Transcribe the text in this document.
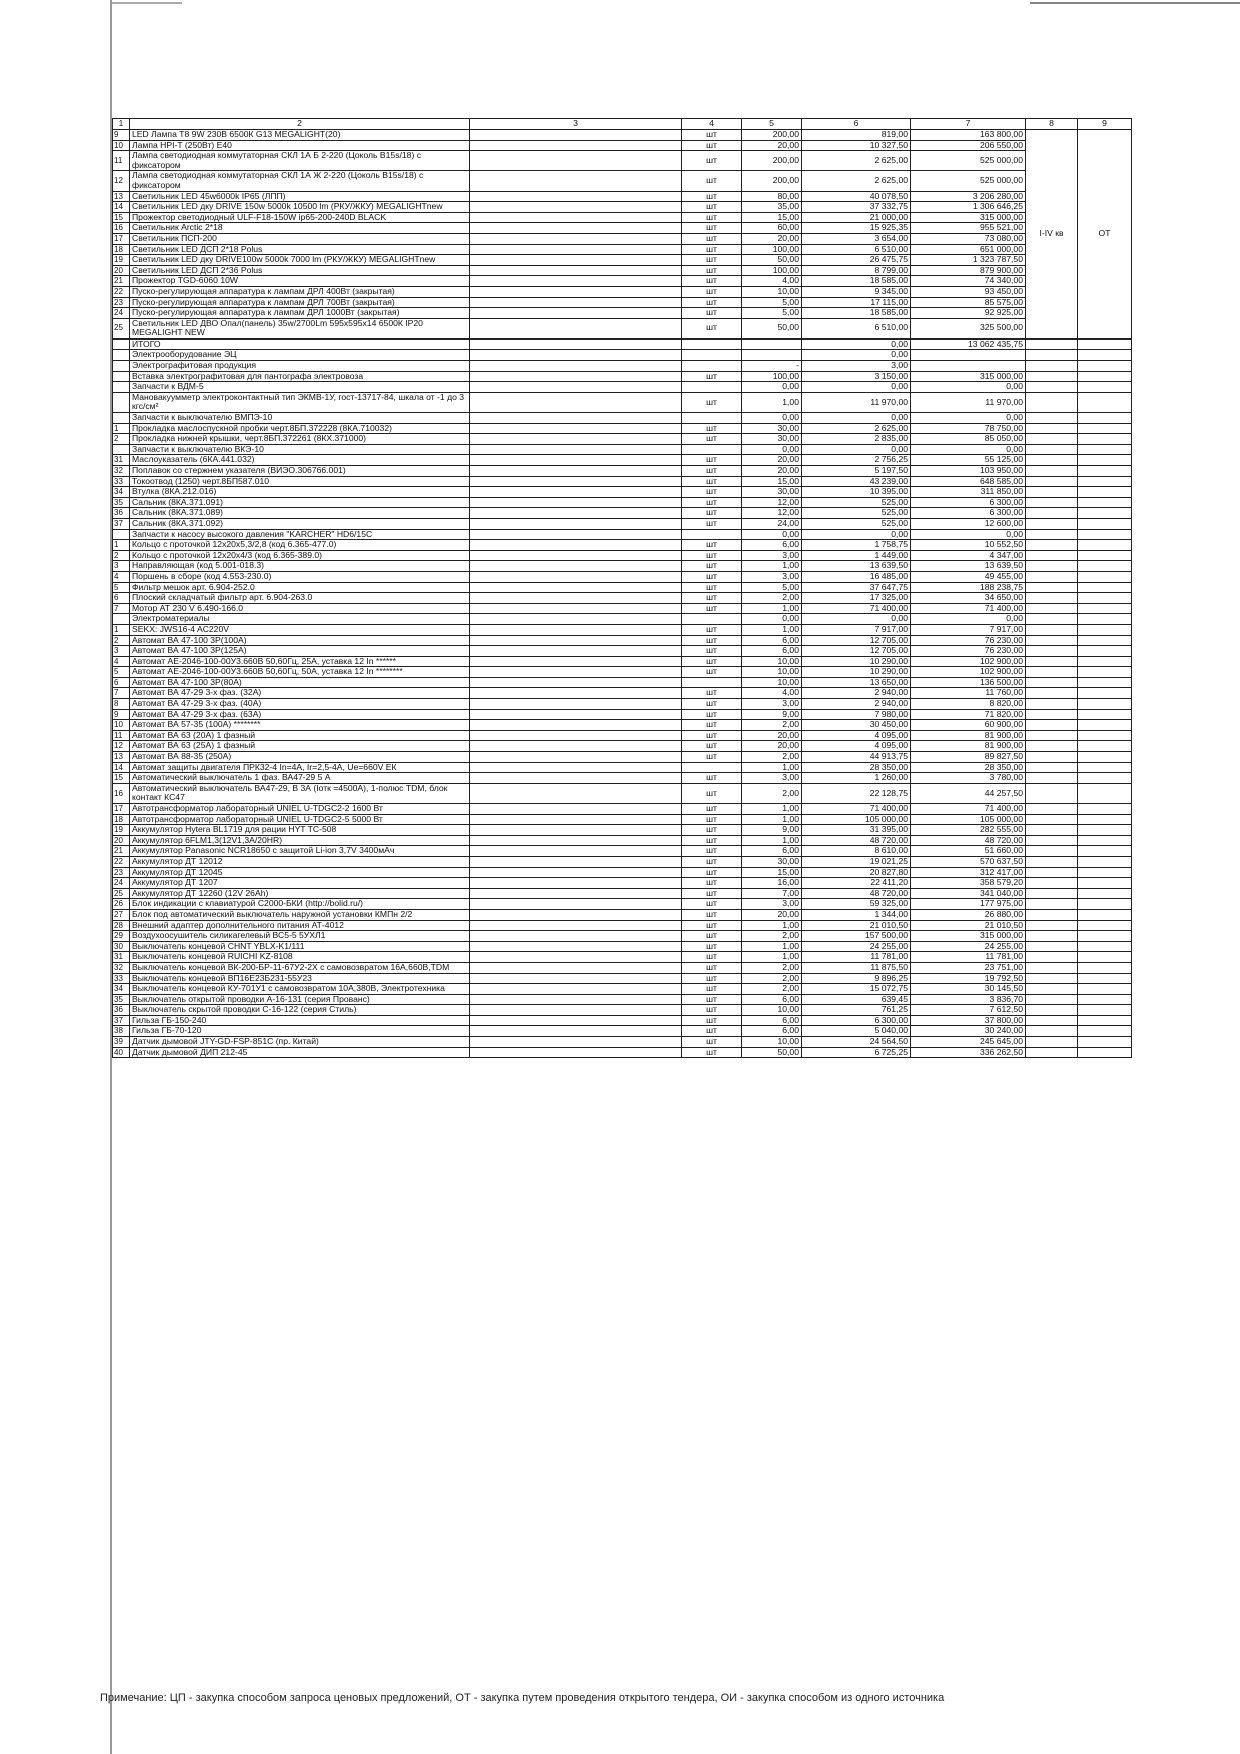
1	2	3	4	5	6	7	8	9
9	LED Лампа T8 9W 230В 6500К G13 MEGALIGHT(20)		шт	200,00	819,00	163 800,00	I-IV кв	ОТ
10	Лампа HPI-T (250Вт) E40		шт	20,00	10 327,50	206 550,00		
11	Лампа светодиодная коммутаторная СКЛ 1А Б 2-220 (Цоколь B15s/18) с фиксатором		шт	200,00	2 625,00	525 000,00		
12	Лампа светодиодная коммутаторная СКЛ 1А Ж 2-220 (Цоколь B15s/18) с фиксатором		шт	200,00	2 625,00	525 000,00		
13	Светильник LED 45w6000k IP65 (ЛПП)		шт	80,00	40 078,50	3 206 280,00		
14	Светильник LED дку DRIVE 150w 5000k 10500 lm (РКУ/ЖКУ) MEGALIGHTnew		шт	35,00	37 332,75	1 306 646,25		
15	Прожектор светодиодный ULF-F18-150W ip65-200-240D BLACK		шт	15,00	21 000,00	315 000,00		
16	Светильник Arctic 2*18		шт	60,00	15 925,35	955 521,00		
17	Светильник ПСП-200		шт	20,00	3 654,00	73 080,00		
18	Светильник LED ДСП 2*18 Polus		шт	100,00	6 510,00	651 000,00		
19	Светильник LED дку DRIVE100w 5000k 7000 lm (РКУ/ЖКУ) MEGALIGHTnew		шт	50,00	26 475,75	1 323 787,50		
20	Светильник LED ДСП 2*36 Polus		шт	100,00	8 799,00	879 900,00		
21	Прожектор TGD-6060 10W		шт	4,00	18 585,00	74 340,00		
22	Пуско-регулирующая аппаратура к лампам ДРЛ 400Вт (закрытая)		шт	10,00	9 345,00	93 450,00		
23	Пуско-регулирующая аппаратура к лампам ДРЛ 700Вт (закрытая)		шт	5,00	17 115,00	85 575,00		
24	Пуско-регулирующая аппаратура к лампам ДРЛ 1000Вт (закрытая)		шт	5,00	18 585,00	92 925,00		
25	Светильник LED ДВО Опал(панель) 35w/2700Lm 595х595х14 6500К IP20 MEGALIGHT NEW		шт	50,00	6 510,00	325 500,00		
	ИТОГО				0,00	13 062 435,75		
	Электрооборудование ЭЦ				0,00			
	Электрографитовая продукция			-	3,00			
	Вставка электрографитовая для пантографа электровоза		шт	100,00	3 150,00	315 000,00		
	Запчасти к ВДМ-5			0,00	0,00	0,00		
	Мановакуумметр электроконтактный тип ЭКМВ-1У, гост-13717-84, шкала от -1 до 3 кгс/см²		шт	1,00	11 970,00	11 970,00		
	Запчасти к выключателю ВМПЭ-10			0,00	0,00	0,00		
1	Прокладка маслоспускной пробки черт.8БП.372228 (8КА.710032)		шт	30,00	2 625,00	78 750,00		
2	Прокладка нижней крышки, черт.8БП.372261 (8КХ.371000)		шт	30,00	2 835,00	85 050,00		
	Запчасти к выключателю ВКЭ-10			0,00	0,00	0,00		
31	Маслоуказатель (6КА.441.032)		шт	20,00	2 756,25	55 125,00		
32	Поплавок со стержнем указателя (ВИЭО.306766.001)		шт	20,00	5 197,50	103 950,00		
33	Токоотвод (1250) черт.8БП587.010		шт	15,00	43 239,00	648 585,00		
34	Втулка (8КА.212.016)		шт	30,00	10 395,00	311 850,00		
35	Сальник (8КА.371.091)		шт	12,00	525,00	6 300,00		
36	Сальник (8КА.371.089)		шт	12,00	525,00	6 300,00		
37	Сальник (8КА.371.092)		шт	24,00	525,00	12 600,00		
	Запчасти к насосу высокого давления "KARCHER" HD6/15C			0,00	0,00	0,00		
1	Кольцо с проточкой 12х20х5,3/2,8 (код 6.365-477.0)		шт	6,00	1 758,75	10 552,50		
2	Кольцо с проточкой 12х20х4/3 (код 6.365-389.0)		шт	3,00	1 449,00	4 347,00		
3	Направляющая (код 5.001-018.3)		шт	1,00	13 639,50	13 639,50		
4	Поршень в сборе (код 4.553-230.0)		шт	3,00	16 485,00	49 455,00		
5	Фильтр мешок арт. 6.904-252.0		шт	5,00	37 647,75	188 238,75		
6	Плоский складчатый фильтр арт. 6.904-263.0		шт	2,00	17 325,00	34 650,00		
7	Мотор АТ 230 V 6.490-166.0		шт	1,00	71 400,00	71 400,00		
	Электроматериалы			0,00	0,00	0,00		
1	SEKX: JWS16-4 AC220V		шт	1,00	7 917,00	7 917,00		
2	Автомат ВА 47-100 3Р(100А)		шт	6,00	12 705,00	76 230,00		
3	Автомат ВА 47-100 3Р(125А)		шт	6,00	12 705,00	76 230,00		
4	Автомат АЕ-2046-100-00У3.660В 50,60Гц, 25А, уставка 12 In ******		шт	10,00	10 290,00	102 900,00		
5	Автомат АЕ-2046-100-00У3.660В 50,60Гц, 50А, уставка 12 In ********		шт	10,00	10 290,00	102 900,00		
6	Автомат ВА 47-100 3Р(80А)			10,00	13 650,00	136 500,00		
7	Автомат ВА 47-29 3-х фаз. (32А)		шт	4,00	2 940,00	11 760,00		
8	Автомат ВА 47-29 3-х фаз. (40А)		шт	3,00	2 940,00	8 820,00		
9	Автомат ВА 47-29 3-х фаз. (63А)		шт	9,00	7 980,00	71 820,00		
10	Автомат ВА 57-35 (100А) ********		шт	2,00	30 450,00	60 900,00		
11	Автомат ВА 63 (20А) 1 фазный		шт	20,00	4 095,00	81 900,00		
12	Автомат ВА 63 (25А) 1 фазный		шт	20,00	4 095,00	81 900,00		
13	Автомат ВА 88-35 (250А)		шт	2,00	44 913,75	89 827,50		
14	Автомат защиты двигателя ПРК32-4 In=4А, Ir=2,5-4А, Ue=660V ЕК			1,00	28 350,00	28 350,00		
15	Автоматический выключатель 1 фаз. ВА47-29 5 А		шт	3,00	1 260,00	3 780,00		
16	Автоматический выключатель ВА47-29, В 3А (Iотк =4500А), 1-полюс TDM, блок контакт КС47		шт	2,00	22 128,75	44 257,50		
17	Автотрансформатор лабораторный UNIEL U-TDGC2-2 1600 Вт		шт	1,00	71 400,00	71 400,00		
18	Автотрансформатор лабораторный UNIEL U-TDGC2-5 5000 Вт		шт	1,00	105 000,00	105 000,00		
19	Аккумулятор Hytera BL1719 для рации HYT TC-508		шт	9,00	31 395,00	282 555,00		
20	Аккумулятор 6FLM1,3(12V1,3A/20HR)		шт	1,00	48 720,00	48 720,00		
21	Аккумулятор Panasonic NCR18650 с защитой Li-ion 3,7V 3400мАч		шт	6,00	8 610,00	51 660,00		
22	Аккумулятор ДТ 12012		шт	30,00	19 021,25	570 637,50		
23	Аккумулятор ДТ 12045		шт	15,00	20 827,80	312 417,00		
24	Аккумулятор ДТ 1207		шт	16,00	22 411,20	358 579,20		
25	Аккумулятор ДТ 12260 (12V 26Ah)		шт	7,00	48 720,00	341 040,00		
26	Блок индикации с клавиатурой С2000-БКИ (http://bolid.ru/)		шт	3,00	59 325,00	177 975,00		
27	Блок под автоматический выключатель наружной установки КМПн 2/2		шт	20,00	1 344,00	26 880,00		
28	Внешний адаптер дополнительного питания АТ-4012		шт	1,00	21 010,50	21 010,50		
29	Воздухоосушитель силикагелевый ВС5-5 5УХЛ1		шт	2,00	157 500,00	315 000,00		
30	Выключатель концевой CHNT YBLX-K1/111		шт	1,00	24 255,00	24 255,00		
31	Выключатель концевой RUICHI KZ-8108		шт	1,00	11 781,00	11 781,00		
32	Выключатель концевой ВК-200-БР-11-67У2-2Х с самовозвратом 16А,660В,TDM		шт	2,00	11 875,50	23 751,00		
33	Выключатель концевой ВП16Е23Б231-55У23		шт	2,00	9 896,25	19 792,50		
34	Выключатель концевой КУ-701У1 с самовозвратом 10А,380В, Электротехника		шт	2,00	15 072,75	30 145,50		
35	Выключатель открытой проводки А-16-131 (серия Прованс)		шт	6,00	639,45	3 836,70		
36	Выключатель скрытой проводки С-16-122 (серия Стиль)		шт	10,00	761,25	7 612,50		
37	Гильза ГБ-150-240		шт	6,00	6 300,00	37 800,00		
38	Гильза ГБ-70-120		шт	6,00	5 040,00	30 240,00		
39	Датчик дымовой JTY-GD-FSP-851C (пр. Китай)		шт	10,00	24 564,50	245 645,00		
40	Датчик дымовой ДИП 212-45		шт	50,00	6 725,25	336 262,50		
Примечание: ЦП - закупка способом запроса ценовых предложений, ОТ - закупка путем проведения открытого тендера, ОИ - закупка способом из одного источника
